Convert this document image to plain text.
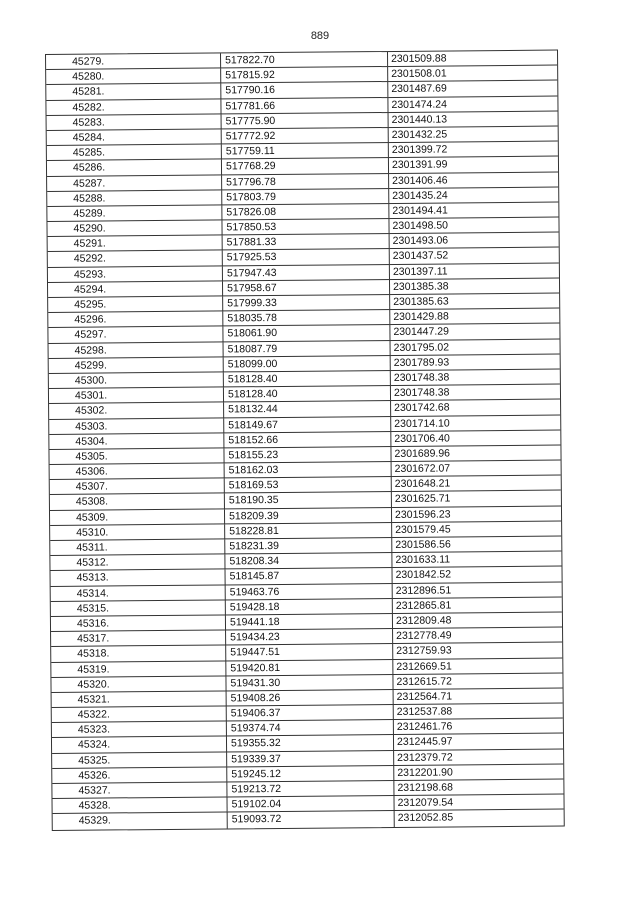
889
45279.	517822.70	2301509.88
45280.	517815.92	2301508.01
45281.	517790.16	2301487.69
45282.	517781.66	2301474.24
45283.	517775.90	2301440.13
45284.	517772.92	2301432.25
45285.	517759.11	2301399.72
45286.	517768.29	2301391.99
45287.	517796.78	2301406.46
45288.	517803.79	2301435.24
45289.	517826.08	2301494.41
45290.	517850.53	2301498.50
45291.	517881.33	2301493.06
45292.	517925.53	2301437.52
45293.	517947.43	2301397.11
45294.	517958.67	2301385.38
45295.	517999.33	2301385.63
45296.	518035.78	2301429.88
45297.	518061.90	2301447.29
45298.	518087.79	2301795.02
45299.	518099.00	2301789.93
45300.	518128.40	2301748.38
45301.	518128.40	2301748.38
45302.	518132.44	2301742.68
45303.	518149.67	2301714.10
45304.	518152.66	2301706.40
45305.	518155.23	2301689.96
45306.	518162.03	2301672.07
45307.	518169.53	2301648.21
45308.	518190.35	2301625.71
45309.	518209.39	2301596.23
45310.	518228.81	2301579.45
45311.	518231.39	2301586.56
45312.	518208.34	2301633.11
45313.	518145.87	2301842.52
45314.	519463.76	2312896.51
45315.	519428.18	2312865.81
45316.	519441.18	2312809.48
45317.	519434.23	2312778.49
45318.	519447.51	2312759.93
45319.	519420.81	2312669.51
45320.	519431.30	2312615.72
45321.	519408.26	2312564.71
45322.	519406.37	2312537.88
45323.	519374.74	2312461.76
45324.	519355.32	2312445.97
45325.	519339.37	2312379.72
45326.	519245.12	2312201.90
45327.	519213.72	2312198.68
45328.	519102.04	2312079.54
45329.	519093.72	2312052.85
